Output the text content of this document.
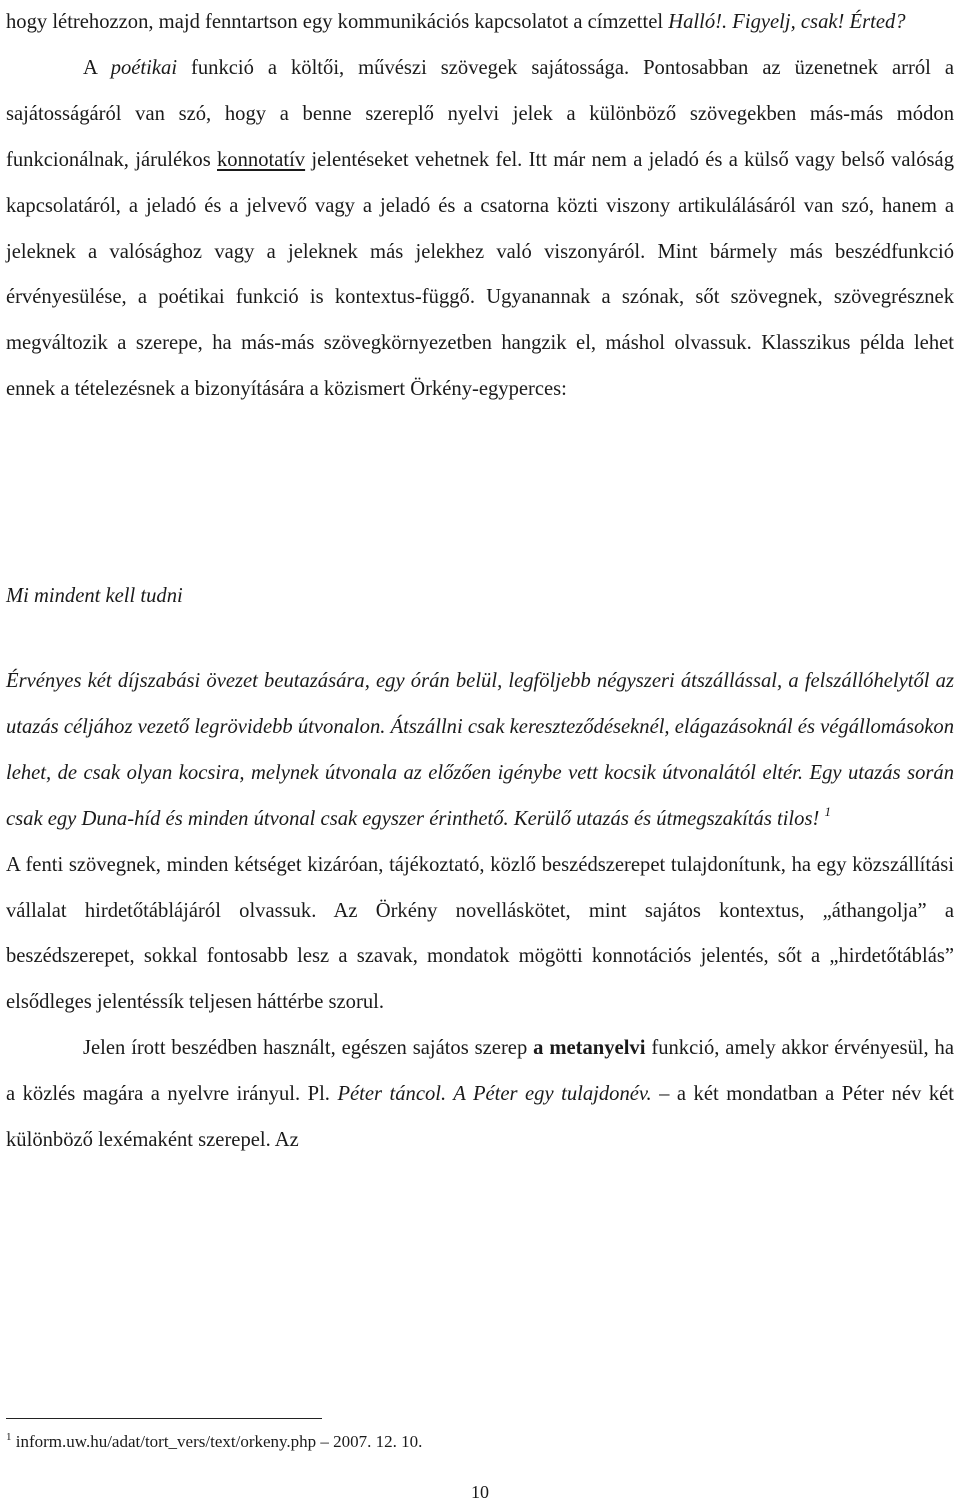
hogy létrehozzon, majd fenntartson egy kommunikációs kapcsolatot a címzettel Halló!. Figyelj, csak! Érted?

A poétikai funkció a költői, művészi szövegek sajátossága. Pontosabban az üzenetnek arról a sajátosságáról van szó, hogy a benne szereplő nyelvi jelek a különböző szövegekben más-más módon funkcionálnak, járulékos konnotatív jelentéseket vehetnek fel. Itt már nem a jeladó és a külső vagy belső valóság kapcsolatáról, a jeladó és a jelvevő vagy a jeladó és a csatorna közti viszony artikulálásáról van szó, hanem a jeleknek a valósághoz vagy a jeleknek más jelekhez való viszonyáról. Mint bármely más beszédfunkció érvényesülése, a poétikai funkció is kontextus-függő. Ugyanannak a szónak, sőt szövegnek, szövegrésznek megváltozik a szerepe, ha más-más szövegkörnyezetben hangzik el, máshol olvassuk. Klasszikus példa lehet ennek a tételezésnek a bizonyítására a közismert Örkény-egyperces:

Mi mindent kell tudni

Érvényes két díjszabási övezet beutazására, egy órán belül, legföljebb négyszeri átszállással, a felszállóhelytől az utazás céljához vezető legrövidebb útvonalon. Átszállni csak kereszteződéseknél, elágazásoknál és végállomásokon lehet, de csak olyan kocsira, melynek útvonala az előzően igénybe vett kocsik útvonalától eltér. Egy utazás során csak egy Duna-híd és minden útvonal csak egyszer érinthető. Kerülő utazás és útmegszakítás tilos! $^1$

A fenti szövegnek, minden kétséget kizáróan, tájékoztató, közlő beszédszerepet tulajdonítunk, ha egy közszállítási vállalat hirdetőtáblájáról olvassuk. Az Örkény novelláskötet, mint sajátos kontextus, „áthangolja” a beszédszerepet, sokkal fontosabb lesz a szavak, mondatok mögötti konnotációs jelentés, sőt a „hirdetőtáblás” elsődleges jelentéssík teljesen háttérbe szorul.

Jelen írott beszédben használt, egészen sajátos szerep a metanyelvi funkció, amely akkor érvényesül, ha a közlés magára a nyelvre irányul. Pl. Péter táncol. A Péter egy tulajdonév. – a két mondatban a Péter név két különböző lexémaként szerepel. Az

$^1$ inform.uw.hu/adat/tort_vers/text/orkeny.php – 2007. 12. 10.

10
